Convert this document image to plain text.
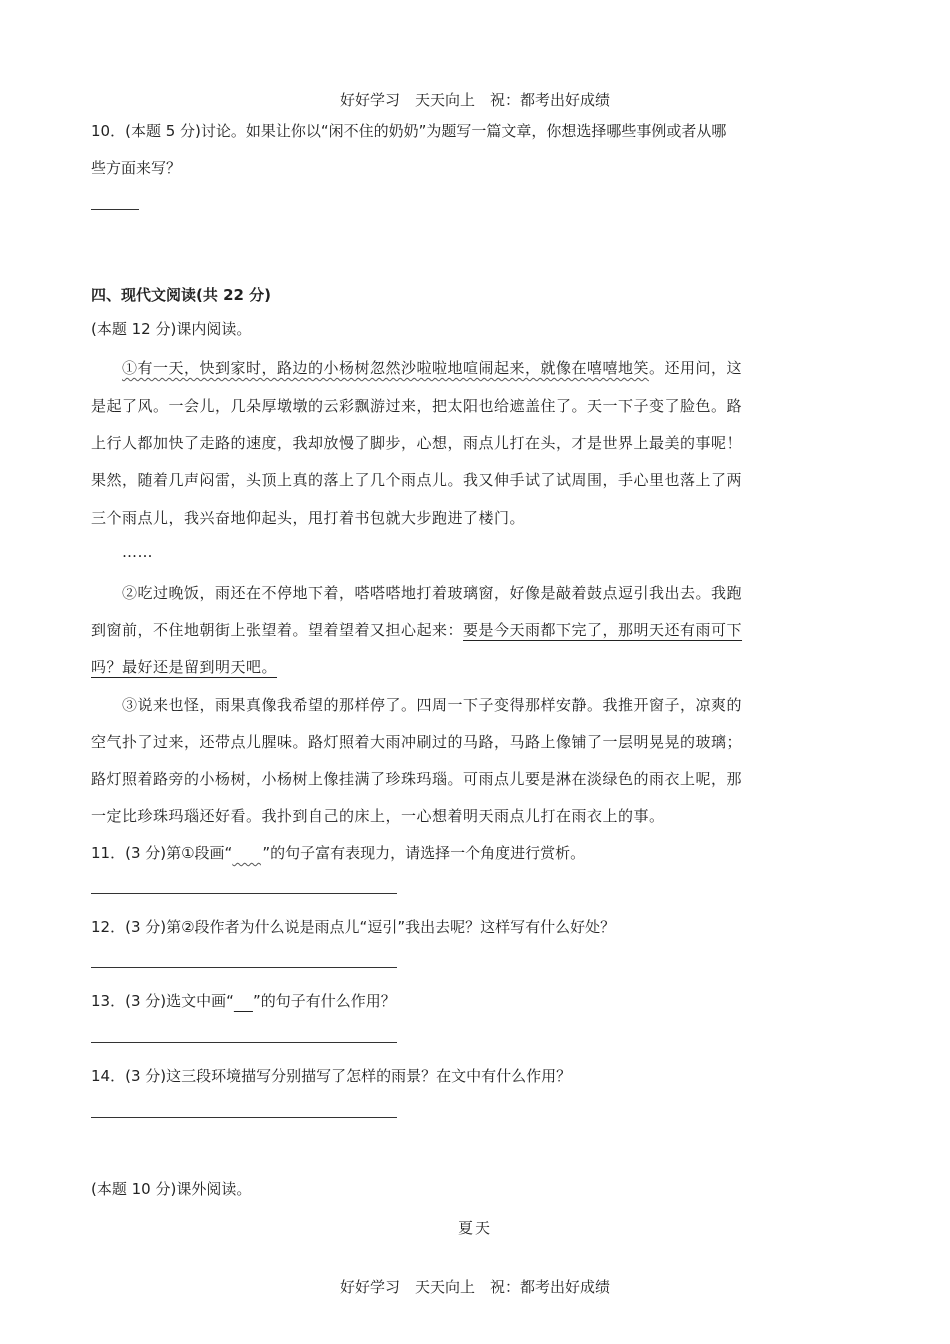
好好学习　天天向上　祝：都考出好成绩
10．(本题 5 分)讨论。如果让你以“闲不住的奶奶”为题写一篇文章，你想选择哪些事例或者从哪
些方面来写？
四、现代文阅读(共 22 分)
(本题 12 分)课内阅读。
①有一天，快到家时，路边的小杨树忽然沙啦啦地喧闹起来，就像在嘻嘻地笑。还用问，这
是起了风。一会儿，几朵厚墩墩的云彩飘游过来，把太阳也给遮盖住了。天一下子变了脸色。路
上行人都加快了走路的速度，我却放慢了脚步，心想，雨点儿打在头，才是世界上最美的事呢！
果然，随着几声闷雷，头顶上真的落上了几个雨点儿。我又伸手试了试周围，手心里也落上了两
三个雨点儿，我兴奋地仰起头，甩打着书包就大步跑进了楼门。
……
②吃过晚饭，雨还在不停地下着，嗒嗒嗒地打着玻璃窗，好像是敲着鼓点逗引我出去。我跑
到窗前，不住地朝街上张望着。望着望着又担心起来：要是今天雨都下完了，那明天还有雨可下
吗？最好还是留到明天吧。
③说来也怪，雨果真像我希望的那样停了。四周一下子变得那样安静。我推开窗子，凉爽的
空气扑了过来，还带点儿腥味。路灯照着大雨冲刷过的马路，马路上像铺了一层明晃晃的玻璃；
路灯照着路旁的小杨树，小杨树上像挂满了珍珠玛瑙。可雨点儿要是淋在淡绿色的雨衣上呢，那
一定比珍珠玛瑙还好看。我扑到自己的床上，一心想着明天雨点儿打在雨衣上的事。
11．(3 分)第①段画“ ”的句子富有表现力，请选择一个角度进行赏析。
12．(3 分)第②段作者为什么说是雨点儿“逗引”我出去呢？这样写有什么好处？
13．(3 分)选文中画“ ”的句子有什么作用？
14．(3 分)这三段环境描写分别描写了怎样的雨景？在文中有什么作用？
(本题 10 分)课外阅读。
夏天
好好学习　天天向上　祝：都考出好成绩
